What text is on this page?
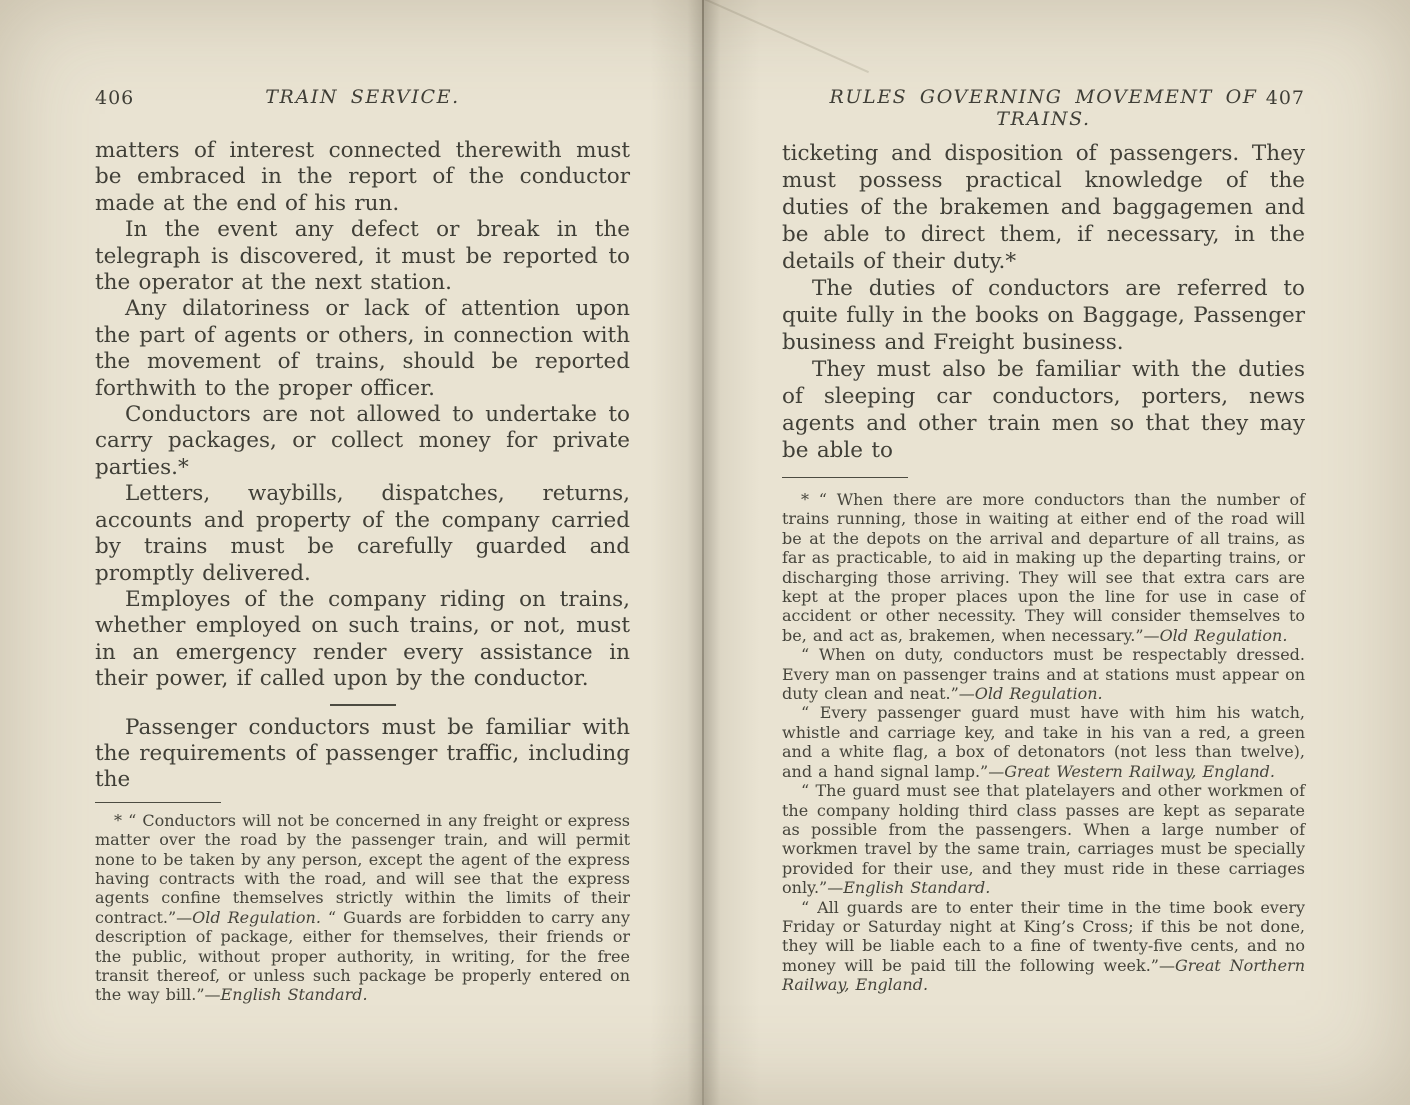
406	TRAIN SERVICE.

matters of interest connected therewith must be embraced in the report of the conductor made at the end of his run.

In the event any defect or break in the telegraph is discovered, it must be reported to the operator at the next station.

Any dilatoriness or lack of attention upon the part of agents or others, in connection with the movement of trains, should be reported forthwith to the proper officer.

Conductors are not allowed to undertake to carry packages, or collect money for private parties.*

Letters, waybills, dispatches, returns, accounts and property of the company carried by trains must be carefully guarded and promptly delivered.

Employes of the company riding on trains, whether employed on such trains, or not, must in an emergency render every assistance in their power, if called upon by the conductor.

Passenger conductors must be familiar with the requirements of passenger traffic, including the

* “ Conductors will not be concerned in any freight or express matter over the road by the passenger train, and will permit none to be taken by any person, except the agent of the express having contracts with the road, and will see that the express agents confine themselves strictly within the limits of their contract.”—Old Regulation. “ Guards are forbidden to carry any description of package, either for themselves, their friends or the public, without proper authority, in writing, for the free transit thereof, or unless such package be properly entered on the way bill.”—English Standard.

407
RULES GOVERNING MOVEMENT OF TRAINS.

ticketing and disposition of passengers. They must possess practical knowledge of the duties of the brakemen and baggagemen and be able to direct them, if necessary, in the details of their duty.*

The duties of conductors are referred to quite fully in the books on Baggage, Passenger business and Freight business.

They must also be familiar with the duties of sleeping car conductors, porters, news agents and other train men so that they may be able to

* “ When there are more conductors than the number of trains running, those in waiting at either end of the road will be at the depots on the arrival and departure of all trains, as far as practicable, to aid in making up the departing trains, or discharging those arriving. They will see that extra cars are kept at the proper places upon the line for use in case of accident or other necessity. They will consider themselves to be, and act as, brakemen, when necessary.”—Old Regulation.

“ When on duty, conductors must be respectably dressed. Every man on passenger trains and at stations must appear on duty clean and neat.”—Old Regulation.

“ Every passenger guard must have with him his watch, whistle and carriage key, and take in his van a red, a green and a white flag, a box of detonators (not less than twelve), and a hand signal lamp.”—Great Western Railway, England.

“ The guard must see that platelayers and other workmen of the company holding third class passes are kept as separate as possible from the passengers. When a large number of workmen travel by the same train, carriages must be specially provided for their use, and they must ride in these carriages only.”—English Standard.

“ All guards are to enter their time in the time book every Friday or Saturday night at King’s Cross; if this be not done, they will be liable each to a fine of twenty-five cents, and no money will be paid till the following week.”—Great Northern Railway, England.
